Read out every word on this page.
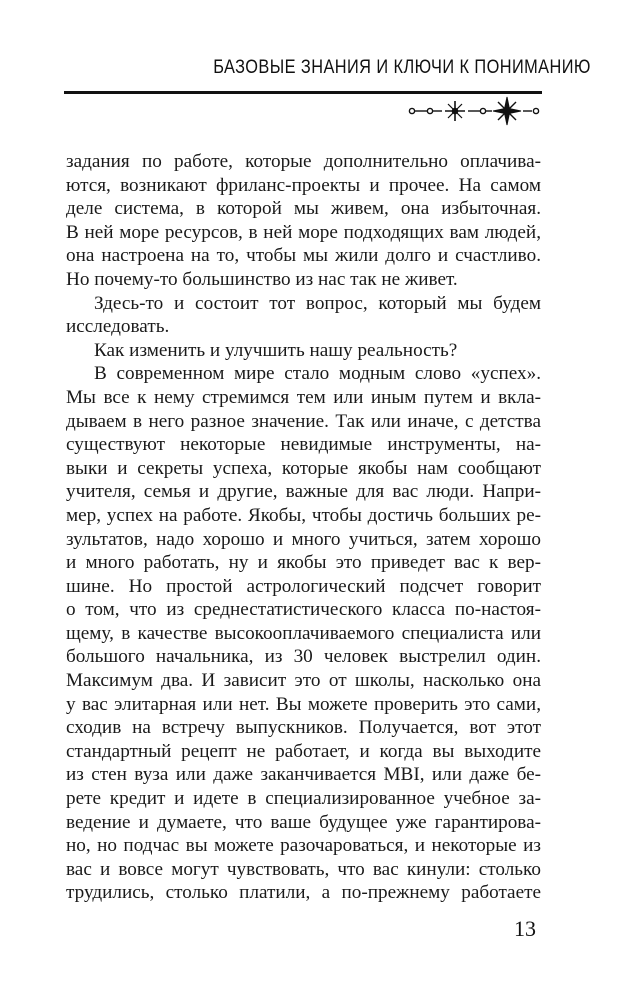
БАЗОВЫЕ ЗНАНИЯ И КЛЮЧИ К ПОНИМАНИЮ
задания по работе, которые дополнительно оплачива-
ются, возникают фриланс-проекты и прочее. На самом
деле система, в которой мы живем, она избыточная.
В ней море ресурсов, в ней море подходящих вам людей,
она настроена на то, чтобы мы жили долго и счастливо.
Но почему-то большинство из нас так не живет.
Здесь-то и состоит тот вопрос, который мы будем
исследовать.
Как изменить и улучшить нашу реальность?
В современном мире стало модным слово «успех».
Мы все к нему стремимся тем или иным путем и вкла-
дываем в него разное значение. Так или иначе, с детства
существуют некоторые невидимые инструменты, на-
выки и секреты успеха, которые якобы нам сообщают
учителя, семья и другие, важные для вас люди. Напри-
мер, успех на работе. Якобы, чтобы достичь больших ре-
зультатов, надо хорошо и много учиться, затем хорошо
и много работать, ну и якобы это приведет вас к вер-
шине. Но простой астрологический подсчет говорит
о том, что из среднестатистического класса по-настоя-
щему, в качестве высокооплачиваемого специалиста или
большого начальника, из 30 человек выстрелил один.
Максимум два. И зависит это от школы, насколько она
у вас элитарная или нет. Вы можете проверить это сами,
сходив на встречу выпускников. Получается, вот этот
стандартный рецепт не работает, и когда вы выходите
из стен вуза или даже заканчивается MBI, или даже бе-
рете кредит и идете в специализированное учебное за-
ведение и думаете, что ваше будущее уже гарантирова-
но, но подчас вы можете разочароваться, и некоторые из
вас и вовсе могут чувствовать, что вас кинули: столько
трудились, столько платили, а по-прежнему работаете
13
